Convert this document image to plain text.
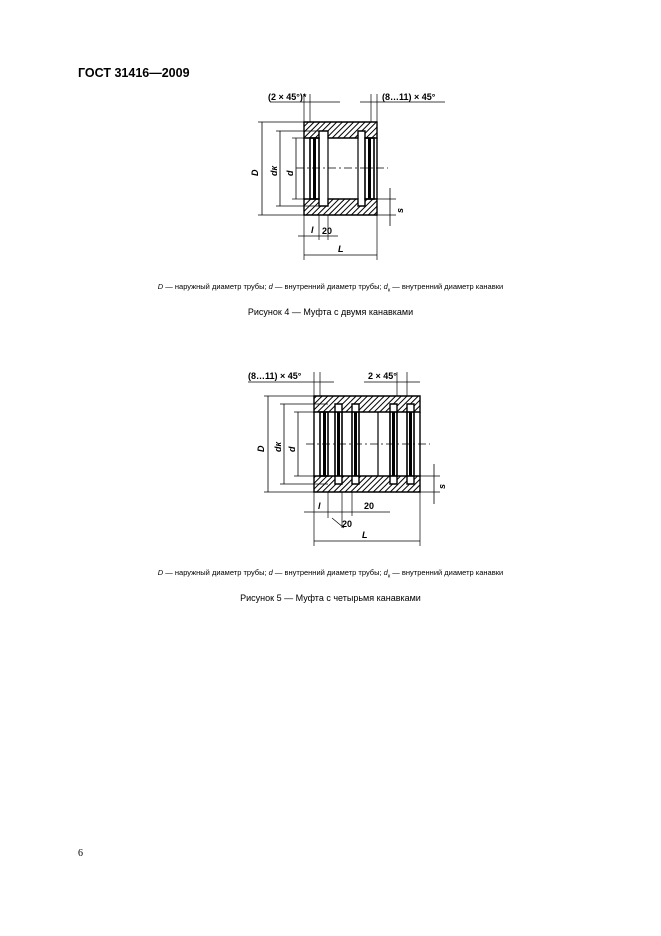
ГОСТ 31416—2009
(2 × 45°)*	(8…11) × 45°
D dк d
s
l 20
L
D — наружный диаметр трубы; d — внутренний диаметр трубы; $d_к$ — внутренний диаметр канавки
Рисунок 4 — Муфта с двумя канавками
(8…11) × 45°	2 × 45°
D dк d
s
l
20
20
L
D — наружный диаметр трубы; d — внутренний диаметр трубы; $d_к$ — внутренний диаметр канавки
Рисунок 5 — Муфта с четырьмя канавками
6
